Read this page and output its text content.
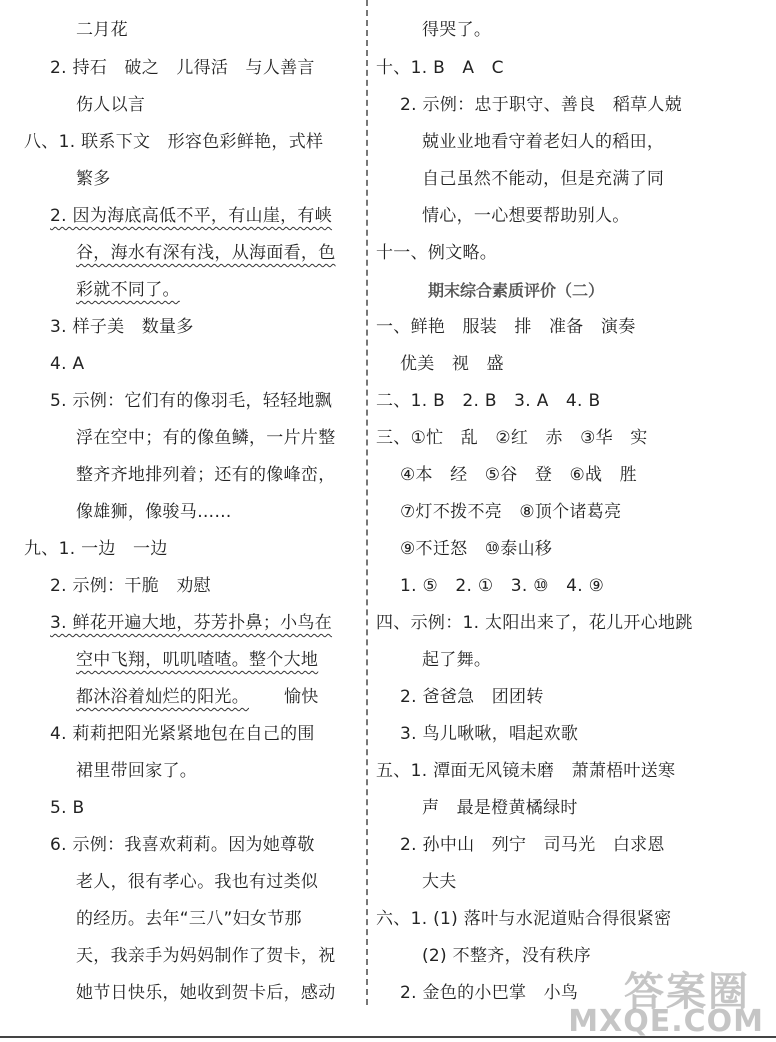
二月花
2. 持石　破之　儿得活　与人善言
伤人以言
八、1. 联系下文　形容色彩鲜艳，式样
繁多
2. 因为海底高低不平，有山崖，有峡
谷，海水有深有浅，从海面看，色
彩就不同了。
3. 样子美　数量多
4. A
5. 示例：它们有的像羽毛，轻轻地飘
浮在空中；有的像鱼鳞，一片片整
整齐齐地排列着；还有的像峰峦，
像雄狮，像骏马……
九、1. 一边　一边
2. 示例：干脆　劝慰
3. 鲜花开遍大地，芬芳扑鼻；小鸟在
空中飞翔，叽叽喳喳。整个大地
都沐浴着灿烂的阳光。 愉快
4. 莉莉把阳光紧紧地包在自己的围
裙里带回家了。
5. B
6. 示例：我喜欢莉莉。因为她尊敬
老人，很有孝心。我也有过类似
的经历。去年“三八”妇女节那
天，我亲手为妈妈制作了贺卡，祝
她节日快乐，她收到贺卡后，感动
得哭了。
十、1. B　A　C
2. 示例：忠于职守、善良　稻草人兢
兢业业地看守着老妇人的稻田，
自己虽然不能动，但是充满了同
情心，一心想要帮助别人。
十一、例文略。
期末综合素质评价（二）
一、鲜艳　服装　排　准备　演奏
优美　视　盛
二、1. B　2. B　3. A　4. B
三、①忙　乱　②红　赤　③华　实
④本　经　⑤谷　登　⑥战　胜
⑦灯不拨不亮　⑧顶个诸葛亮
⑨不迁怒　⑩泰山移
1. ⑤　2. ①　3. ⑩　4. ⑨
四、示例：1. 太阳出来了，花儿开心地跳
起了舞。
2. 爸爸急　团团转
3. 鸟儿啾啾，唱起欢歌
五、1. 潭面无风镜未磨　萧萧梧叶送寒
声　最是橙黄橘绿时
2. 孙中山　列宁　司马光　白求恩
大夫
六、1. (1) 落叶与水泥道贴合得很紧密
(2) 不整齐，没有秩序
2. 金色的小巴掌　小鸟 答案圈
MXQE.COM
